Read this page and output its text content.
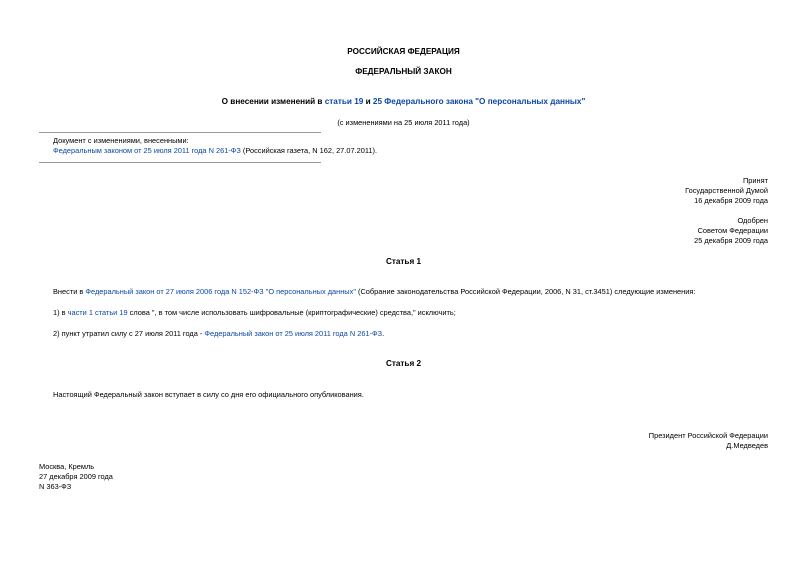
РОССИЙСКАЯ ФЕДЕРАЦИЯ
ФЕДЕРАЛЬНЫЙ ЗАКОН
О внесении изменений в статьи 19 и 25 Федерального закона "О персональных данных"
(с изменениями на 25 июля 2011 года)
Документ с изменениями, внесенными:
Федеральным законом от 25 июля 2011 года N 261-ФЗ (Российская газета, N 162, 27.07.2011).
Принят
Государственной Думой
16 декабря 2009 года
Одобрен
Советом Федерации
25 декабря 2009 года
Статья 1
Внести в Федеральный закон от 27 июля 2006 года N 152-ФЗ "О персональных данных" (Собрание законодательства Российской Федерации, 2006, N 31, ст.3451) следующие изменения:
1) в части 1 статьи 19 слова ", в том числе использовать шифровальные (криптографические) средства," исключить;
2) пункт утратил силу с 27 июля 2011 года - Федеральный закон от 25 июля 2011 года N 261-ФЗ.
Статья 2
Настоящий Федеральный закон вступает в силу со дня его официального опубликования.
Президент Российской Федерации
Д.Медведев
Москва, Кремль
27 декабря 2009 года
N 363-ФЗ
